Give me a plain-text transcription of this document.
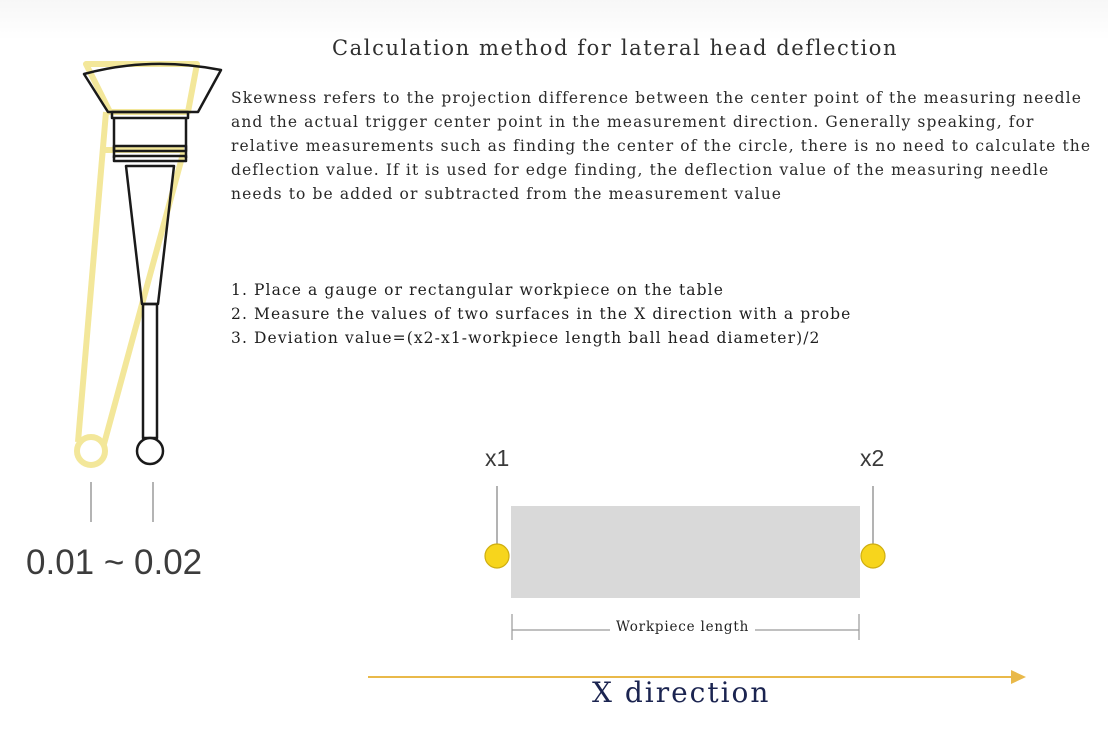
Calculation method for lateral head deflection

Skewness refers to the projection difference between the center point of the measuring needle and the actual trigger center point in the measurement direction. Generally speaking, for relative measurements such as finding the center of the circle, there is no need to calculate the deflection value. If it is used for edge finding, the deflection value of the measuring needle needs to be added or subtracted from the measurement value

1. Place a gauge or rectangular workpiece on the table
2. Measure the values of two surfaces in the X direction with a probe
3. Deviation value=(x2-x1-workpiece length ball head diameter)/2
0.01 ~ 0.02
x1	x2
Workpiece length
X direction
